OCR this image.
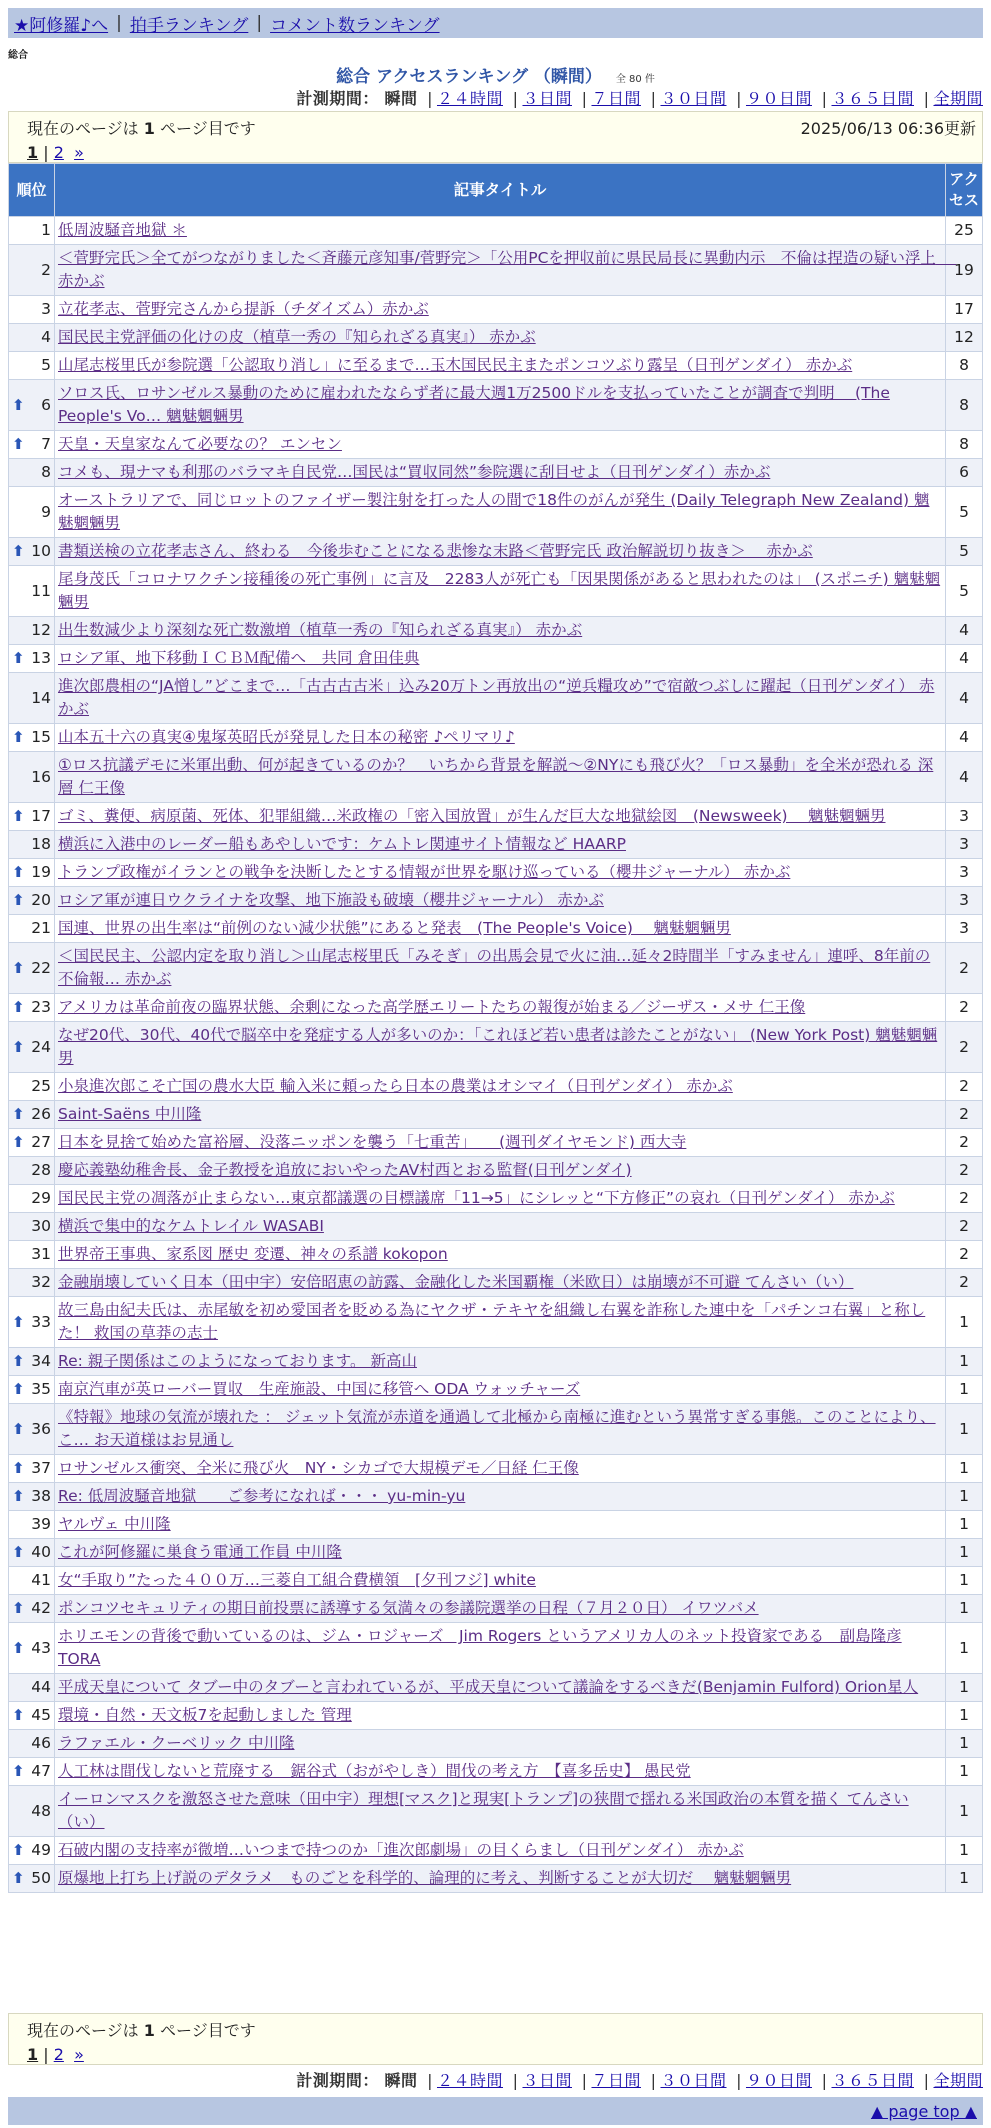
★阿修羅♪へ | 拍手ランキング | コメント数ランキング
総合
総合 アクセスランキング （瞬間） 全 80 件
計測期間： 瞬間 | ２４時間 | ３日間 | ７日間 | ３０日間 | ９０日間 | ３６５日間 | 全期間
現在のページは 1 ページ目です	2025/06/13 06:36更新
1 | 2 »
順位	記事タイトル	アクセス
1	低周波騒音地獄 ＊	25
2	＜菅野完氏＞全てがつながりました＜斉藤元彦知事/菅野完＞「公用PCを押収前に県民局長に異動内示　不倫は捏造の疑い浮上　 赤かぶ	19
3	立花孝志、菅野完さんから提訴（チダイズム）赤かぶ	17
4	国民民主党評価の化けの皮（植草一秀の『知られざる真実』） 赤かぶ	12
5	山尾志桜里氏が参院選「公認取り消し」に至るまで…玉木国民民主またポンコツぶり露呈（日刊ゲンダイ） 赤かぶ	8

⬆ 6	ソロス氏、ロサンゼルス暴動のために雇われたならず者に最大週1万2500ドルを支払っていたことが調査で判明　 (The People's Vo… 魑魅魍魎男	8

⬆ 7	天皇・天皇家なんて必要なの？ エンセン	8
8	コメも、現ナマも利那のバラマキ自民党…国民は“買収同然”参院選に刮目せよ（日刊ゲンダイ）赤かぶ	6
9	オーストラリアで、同じロットのファイザー製注射を打った人の間で18件のがんが発生 (Daily Telegraph New Zealand) 魑魅魍魎男	5

⬆ 10	書類送検の立花孝志さん、終わる　今後歩むことになる悲惨な末路＜菅野完氏 政治解説切り抜き＞　 赤かぶ	5
11	尾身茂氏「コロナワクチン接種後の死亡事例」に言及　2283人が死亡も「因果関係があると思われたのは」 (スポニチ) 魑魅魍魎男	5
12	出生数減少より深刻な死亡数激増（植草一秀の『知られざる真実』） 赤かぶ	4

⬆ 13	ロシア軍、地下移動ＩＣＢＭ配備へ　共同 倉田佳典	4
14	進次郎農相の“JA憎し”どこまで…「古古古古米」込み20万トン再放出の“逆兵糧攻め”で宿敵つぶしに躍起（日刊ゲンダイ） 赤かぶ	4

⬆ 15	山本五十六の真実④鬼塚英昭氏が発見した日本の秘密 ♪ペリマリ♪	4
16	①ロス抗議デモに米軍出動、何が起きているのか？　いちから背景を解説〜②NYにも飛び火？「ロス暴動」を全米が恐れる 深層 仁王像	4

⬆ 17	ゴミ、糞便、病原菌、死体、犯罪組織…米政権の「密入国放置」が生んだ巨大な地獄絵図　(Newsweek)　 魑魅魍魎男	3
18	横浜に入港中のレーダー船もあやしいです：ケムトレ関連サイト情報など HAARP	3

⬆ 19	トランプ政権がイランとの戦争を決断したとする情報が世界を駆け巡っている（櫻井ジャーナル） 赤かぶ	3

⬆ 20	ロシア軍が連日ウクライナを攻撃、地下施設も破壊（櫻井ジャーナル） 赤かぶ	3
21	国連、世界の出生率は“前例のない減少状態”にあると発表　(The People's Voice)　 魑魅魍魎男	3

⬆ 22	＜国民民主、公認内定を取り消し＞山尾志桜里氏「みそぎ」の出馬会見で火に油…延々2時間半「すみません」連呼、8年前の不倫報… 赤かぶ	2

⬆ 23	アメリカは革命前夜の臨界状態、余剰になった高学歴エリートたちの報復が始まる／ジーザス・メサ 仁王像	2

⬆ 24	なぜ20代、30代、40代で脳卒中を発症する人が多いのか：「これほど若い患者は診たことがない」 (New York Post) 魑魅魍魎男	2
25	小泉進次郎こそ亡国の農水大臣 輸入米に頼ったら日本の農業はオシマイ（日刊ゲンダイ） 赤かぶ	2

⬆ 26	Saint-Saëns 中川隆	2

⬆ 27	日本を見捨て始めた富裕層、没落ニッポンを襲う「七重苦」　　(週刊ダイヤモンド) 西大寺	2
28	慶応義塾幼稚舎長、金子教授を追放においやったAV村西とおる監督(日刊ゲンダイ)	2
29	国民民主党の凋落が止まらない…東京都議選の目標議席「11→5」にシレッと“下方修正”の哀れ（日刊ゲンダイ） 赤かぶ	2
30	横浜で集中的なケムトレイル WASABI	2
31	世界帝王事典、家系図 歴史 変遷、神々の系譜 kokopon	2
32	金融崩壊していく日本（田中宇）安倍昭恵の訪露、金融化した米国覇権（米欧日）は崩壊が不可避 てんさい（い）	2

⬆ 33	故三島由紀夫氏は、赤尾敏を初め愛国者を貶める為にヤクザ・テキヤを組織し右翼を詐称した連中を「パチンコ右翼」と称した！ 救国の草莽の志士	1

⬆ 34	Re: 親子関係はこのようになっております。 新高山	1

⬆ 35	南京汽車が英ローバー買収　生産施設、中国に移管へ ODA ウォッチャーズ	1

⬆ 36	《特報》地球の気流が壊れた ： ジェット気流が赤道を通過して北極から南極に進むという異常すぎる事態。このことにより、こ… お天道様はお見通し	1

⬆ 37	ロサンゼルス衝突、全米に飛び火　NY・シカゴで大規模デモ／日経 仁王像	1

⬆ 38	Re: 低周波騒音地獄　　ご参考になれば・・・ yu-min-yu	1
39	ヤルヴェ 中川隆	1

⬆ 40	これが阿修羅に巣食う電通工作員 中川隆	1
41	女“手取り”たった４００万…三菱自工組合費横領　[夕刊フジ] white	1

⬆ 42	ポンコツセキュリティの期日前投票に誘導する気満々の参議院選挙の日程（７月２０日） イワツバメ	1

⬆ 43	ホリエモンの背後で動いているのは、ジム・ロジャーズ　Jim Rogers というアメリカ人のネット投資家である　副島隆彦 TORA	1
44	平成天皇について タブー中のタブーと言われているが、平成天皇について議論をするべきだ(Benjamin Fulford) Orion星人	1

⬆ 45	環境・自然・天文板7を起動しました 管理	1
46	ラファエル・クーベリック 中川隆	1

⬆ 47	人工林は間伐しないと荒廃する　鋸谷式（おがやしき）間伐の考え方　【喜多岳史】 愚民党	1
48	イーロンマスクを激怒させた意味（田中宇）理想[マスク]と現実[トランプ]の狭間で揺れる米国政治の本質を描く てんさい（い）	1

⬆ 49	石破内閣の支持率が微増…いつまで持つのか「進次郎劇場」の目くらまし（日刊ゲンダイ） 赤かぶ	1

⬆ 50	原爆地上打ち上げ説のデタラメ　ものごとを科学的、論理的に考え、判断することが大切だ　 魑魅魍魎男	1
現在のページは 1 ページ目です
1 | 2 »
計測期間： 瞬間 | ２４時間 | ３日間 | ７日間 | ３０日間 | ９０日間 | ３６５日間 | 全期間
▲ page top ▲
